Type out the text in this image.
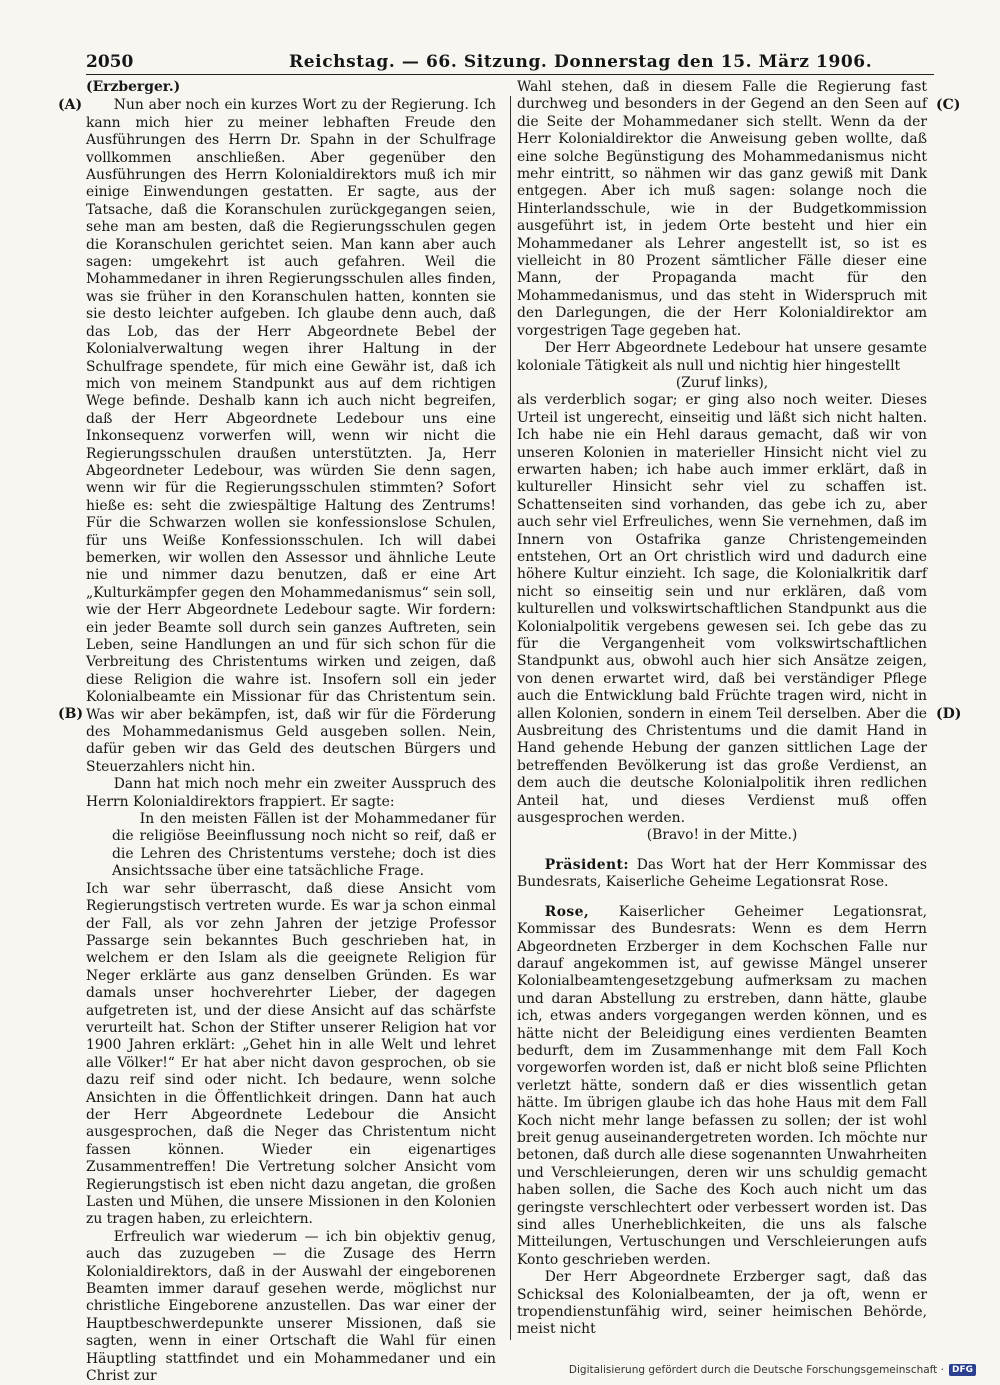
2050	Reichstag. — 66. Sitzung. Donnerstag den 15. März 1906.
(A)
(B)
(C)
(D)

(Erzberger.)

Nun aber noch ein kurzes Wort zu der Regierung. Ich kann mich hier zu meiner lebhaften Freude den Ausführungen des Herrn Dr. Spahn in der Schulfrage vollkommen anschließen. Aber gegenüber den Ausführungen des Herrn Kolonialdirektors muß ich mir einige Einwendungen gestatten. Er sagte, aus der Tatsache, daß die Koranschulen zurückgegangen seien, sehe man am besten, daß die Regierungsschulen gegen die Koranschulen gerichtet seien. Man kann aber auch sagen: umgekehrt ist auch gefahren. Weil die Mohammedaner in ihren Regierungsschulen alles finden, was sie früher in den Koranschulen hatten, konnten sie sie desto leichter aufgeben. Ich glaube denn auch, daß das Lob, das der Herr Abgeordnete Bebel der Kolonialverwaltung wegen ihrer Haltung in der Schulfrage spendete, für mich eine Gewähr ist, daß ich mich von meinem Standpunkt aus auf dem richtigen Wege befinde. Deshalb kann ich auch nicht begreifen, daß der Herr Abgeordnete Ledebour uns eine Inkonsequenz vorwerfen will, wenn wir nicht die Regierungsschulen draußen unterstützten. Ja, Herr Abgeordneter Ledebour, was würden Sie denn sagen, wenn wir für die Regierungsschulen stimmten? Sofort hieße es: seht die zwiespältige Haltung des Zentrums! Für die Schwarzen wollen sie konfessionslose Schulen, für uns Weiße Konfessionsschulen. Ich will dabei bemerken, wir wollen den Assessor und ähnliche Leute nie und nimmer dazu benutzen, daß er eine Art „Kulturkämpfer gegen den Mohammedanismus“ sein soll, wie der Herr Abgeordnete Ledebour sagte. Wir fordern: ein jeder Beamte soll durch sein ganzes Auftreten, sein Leben, seine Handlungen an und für sich schon für die Verbreitung des Christentums wirken und zeigen, daß diese Religion die wahre ist. Insofern soll ein jeder Kolonialbeamte ein Missionar für das Christentum sein. Was wir aber bekämpfen, ist, daß wir für die Förderung des Mohammedanismus Geld ausgeben sollen. Nein, dafür geben wir das Geld des deutschen Bürgers und Steuerzahlers nicht hin.

Dann hat mich noch mehr ein zweiter Ausspruch des Herrn Kolonialdirektors frappiert. Er sagte:

In den meisten Fällen ist der Mohammedaner für die religiöse Beeinflussung noch nicht so reif, daß er die Lehren des Christentums verstehe; doch ist dies Ansichtssache über eine tatsächliche Frage.

Ich war sehr überrascht, daß diese Ansicht vom Regierungstisch vertreten wurde. Es war ja schon einmal der Fall, als vor zehn Jahren der jetzige Professor Passarge sein bekanntes Buch geschrieben hat, in welchem er den Islam als die geeignete Religion für Neger erklärte aus ganz denselben Gründen. Es war damals unser hochverehrter Lieber, der dagegen aufgetreten ist, und der diese Ansicht auf das schärfste verurteilt hat. Schon der Stifter unserer Religion hat vor 1900 Jahren erklärt: „Gehet hin in alle Welt und lehret alle Völker!“ Er hat aber nicht davon gesprochen, ob sie dazu reif sind oder nicht. Ich bedaure, wenn solche Ansichten in die Öffentlichkeit dringen. Dann hat auch der Herr Abgeordnete Ledebour die Ansicht ausgesprochen, daß die Neger das Christentum nicht fassen können. Wieder ein eigenartiges Zusammentreffen! Die Vertretung solcher Ansicht vom Regierungstisch ist eben nicht dazu angetan, die großen Lasten und Mühen, die unsere Missionen in den Kolonien zu tragen haben, zu erleichtern.

Erfreulich war wiederum — ich bin objektiv genug, auch das zuzugeben — die Zusage des Herrn Kolonialdirektors, daß in der Auswahl der eingeborenen Beamten immer darauf gesehen werde, möglichst nur christliche Eingeborene anzustellen. Das war einer der Hauptbeschwerdepunkte unserer Missionen, daß sie sagten, wenn in einer Ortschaft die Wahl für einen Häuptling stattfindet und ein Mohammedaner und ein Christ zur

Wahl stehen, daß in diesem Falle die Regierung fast durchweg und besonders in der Gegend an den Seen auf die Seite der Mohammedaner sich stellt. Wenn da der Herr Kolonialdirektor die Anweisung geben wollte, daß eine solche Begünstigung des Mohammedanismus nicht mehr eintritt, so nähmen wir das ganz gewiß mit Dank entgegen. Aber ich muß sagen: solange noch die Hinterlandsschule, wie in der Budgetkommission ausgeführt ist, in jedem Orte besteht und hier ein Mohammedaner als Lehrer angestellt ist, so ist es vielleicht in 80 Prozent sämtlicher Fälle dieser eine Mann, der Propaganda macht für den Mohammedanismus, und das steht in Widerspruch mit den Darlegungen, die der Herr Kolonialdirektor am vorgestrigen Tage gegeben hat.

Der Herr Abgeordnete Ledebour hat unsere gesamte koloniale Tätigkeit als null und nichtig hier hingestellt

(Zuruf links),

als verderblich sogar; er ging also noch weiter. Dieses Urteil ist ungerecht, einseitig und läßt sich nicht halten. Ich habe nie ein Hehl daraus gemacht, daß wir von unseren Kolonien in materieller Hinsicht nicht viel zu erwarten haben; ich habe auch immer erklärt, daß in kultureller Hinsicht sehr viel zu schaffen ist. Schattenseiten sind vorhanden, das gebe ich zu, aber auch sehr viel Erfreuliches, wenn Sie vernehmen, daß im Innern von Ostafrika ganze Christengemeinden entstehen, Ort an Ort christlich wird und dadurch eine höhere Kultur einzieht. Ich sage, die Kolonialkritik darf nicht so einseitig sein und nur erklären, daß vom kulturellen und volkswirtschaftlichen Standpunkt aus die Kolonialpolitik vergebens gewesen sei. Ich gebe das zu für die Vergangenheit vom volkswirtschaftlichen Standpunkt aus, obwohl auch hier sich Ansätze zeigen, von denen erwartet wird, daß bei verständiger Pflege auch die Entwicklung bald Früchte tragen wird, nicht in allen Kolonien, sondern in einem Teil derselben. Aber die Ausbreitung des Christentums und die damit Hand in Hand gehende Hebung der ganzen sittlichen Lage der betreffenden Bevölkerung ist das große Verdienst, an dem auch die deutsche Kolonialpolitik ihren redlichen Anteil hat, und dieses Verdienst muß offen ausgesprochen werden.

(Bravo! in der Mitte.)

Präsident: Das Wort hat der Herr Kommissar des Bundesrats, Kaiserliche Geheime Legationsrat Rose.

Rose, Kaiserlicher Geheimer Legationsrat, Kommissar des Bundesrats: Wenn es dem Herrn Abgeordneten Erzberger in dem Kochschen Falle nur darauf angekommen ist, auf gewisse Mängel unserer Kolonialbeamtengesetzgebung aufmerksam zu machen und daran Abstellung zu erstreben, dann hätte, glaube ich, etwas anders vorgegangen werden können, und es hätte nicht der Beleidigung eines verdienten Beamten bedurft, dem im Zusammenhange mit dem Fall Koch vorgeworfen worden ist, daß er nicht bloß seine Pflichten verletzt hätte, sondern daß er dies wissentlich getan hätte. Im übrigen glaube ich das hohe Haus mit dem Fall Koch nicht mehr lange befassen zu sollen; der ist wohl breit genug auseinandergetreten worden. Ich möchte nur betonen, daß durch alle diese sogenannten Unwahrheiten und Verschleierungen, deren wir uns schuldig gemacht haben sollen, die Sache des Koch auch nicht um das geringste verschlechtert oder verbessert worden ist. Das sind alles Unerheblichkeiten, die uns als falsche Mitteilungen, Vertuschungen und Verschleierungen aufs Konto geschrieben werden.

Der Herr Abgeordnete Erzberger sagt, daß das Schicksal des Kolonialbeamten, der ja oft, wenn er tropendienstunfähig wird, seiner heimischen Behörde, meist nicht

Digitalisierung gefördert durch die Deutsche Forschungsgemeinschaft · DFG
